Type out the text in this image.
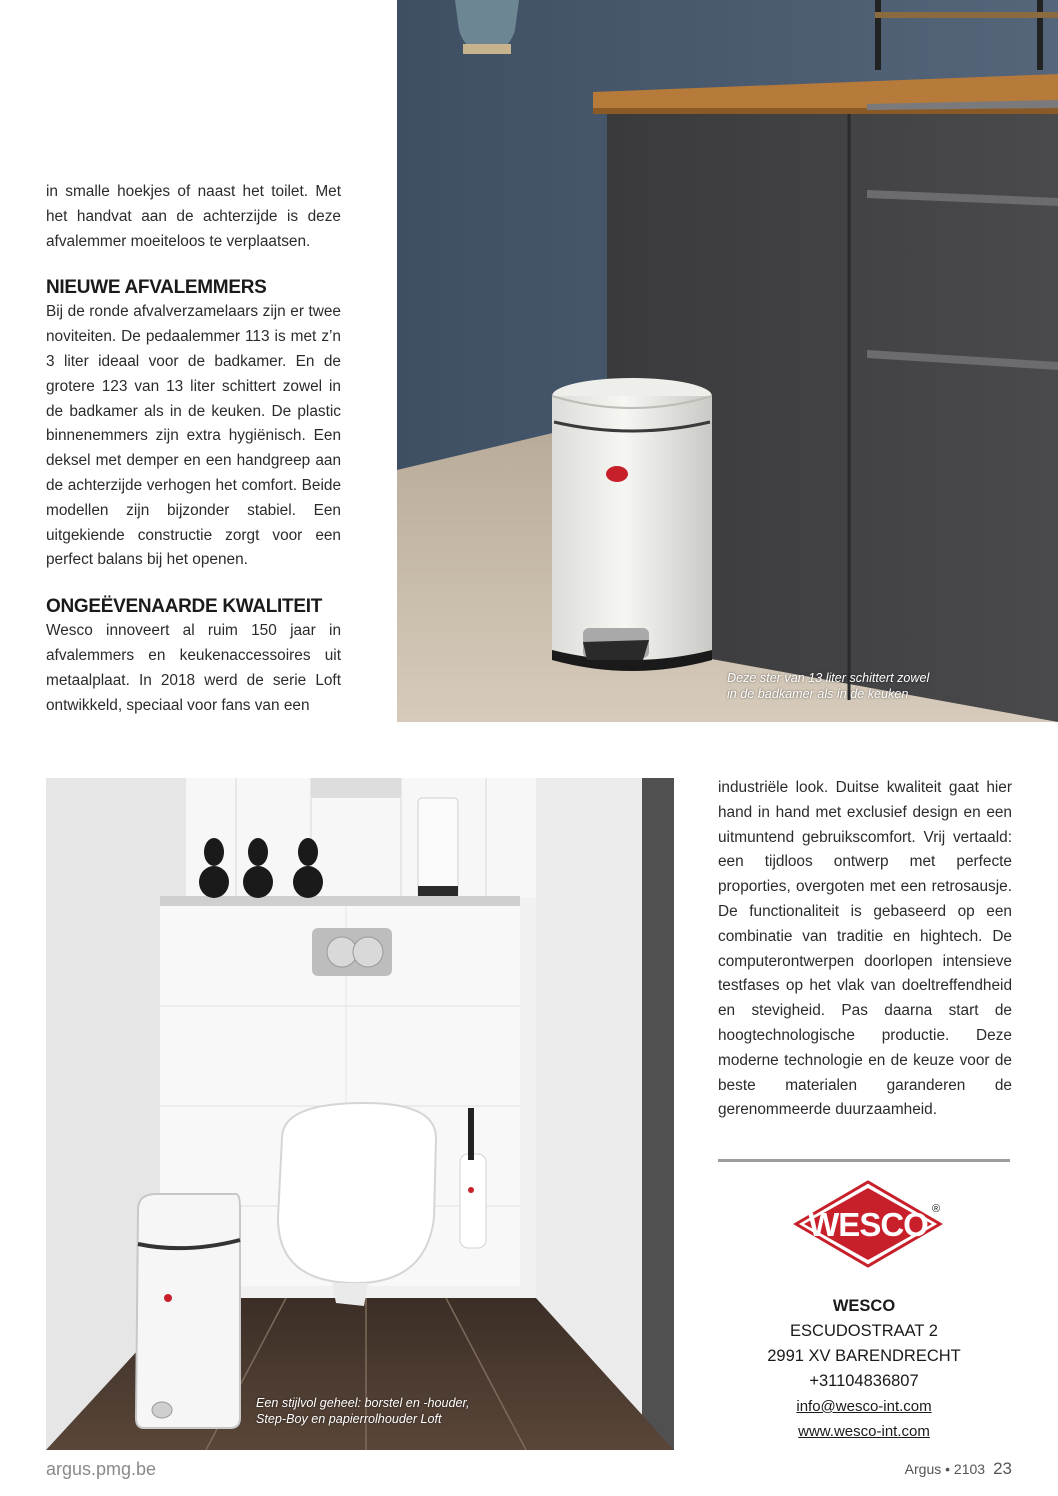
in smalle hoekjes of naast het toilet. Met het handvat aan de achterzijde is deze afvalemmer moeiteloos te verplaatsen.

NIEUWE AFVALEMMERS

Bij de ronde afvalverzamelaars zijn er twee noviteiten. De pedaalemmer 113 is met z’n 3 liter ideaal voor de badkamer. En de grotere 123 van 13 liter schittert zowel in de badkamer als in de keuken. De plastic binnenemmers zijn extra hygiënisch. Een deksel met demper en een handgreep aan de achterzijde verhogen het comfort. Beide modellen zijn bijzonder stabiel. Een uitgekiende constructie zorgt voor een perfect balans bij het openen.

ONGEËVENAARDE KWALITEIT

Wesco innoveert al ruim 150 jaar in afvalemmers en keukenaccessoires uit metaalplaat. In 2018 werd de serie Loft ontwikkeld, speciaal voor fans van een

Deze ster van 13 liter schittert zowel
in de badkamer als in de keuken
Een stijlvol geheel: borstel en -houder,
Step-Boy en papierrolhouder Loft

industriële look. Duitse kwaliteit gaat hier hand in hand met exclusief design en een uitmuntend gebruikscomfort. Vrij vertaald: een tijdloos ontwerp met perfecte proporties, overgoten met een retrosausje. De functionaliteit is gebaseerd op een combinatie van traditie en hightech. De computerontwerpen doorlopen intensieve testfases op het vlak van doeltreffendheid en stevigheid. Pas daarna start de hoogtechnologische productie. Deze moderne technologie en de keuze voor de beste materialen garanderen de gerenommeerde duurzaamheid.

WESCO ®
WESCO
ESCUDOSTRAAT 2
2991 XV BARENDRECHT
+31104836807
info@wesco-int.com
www.wesco-int.com
argus.pmg.be	Argus • 2103 23
